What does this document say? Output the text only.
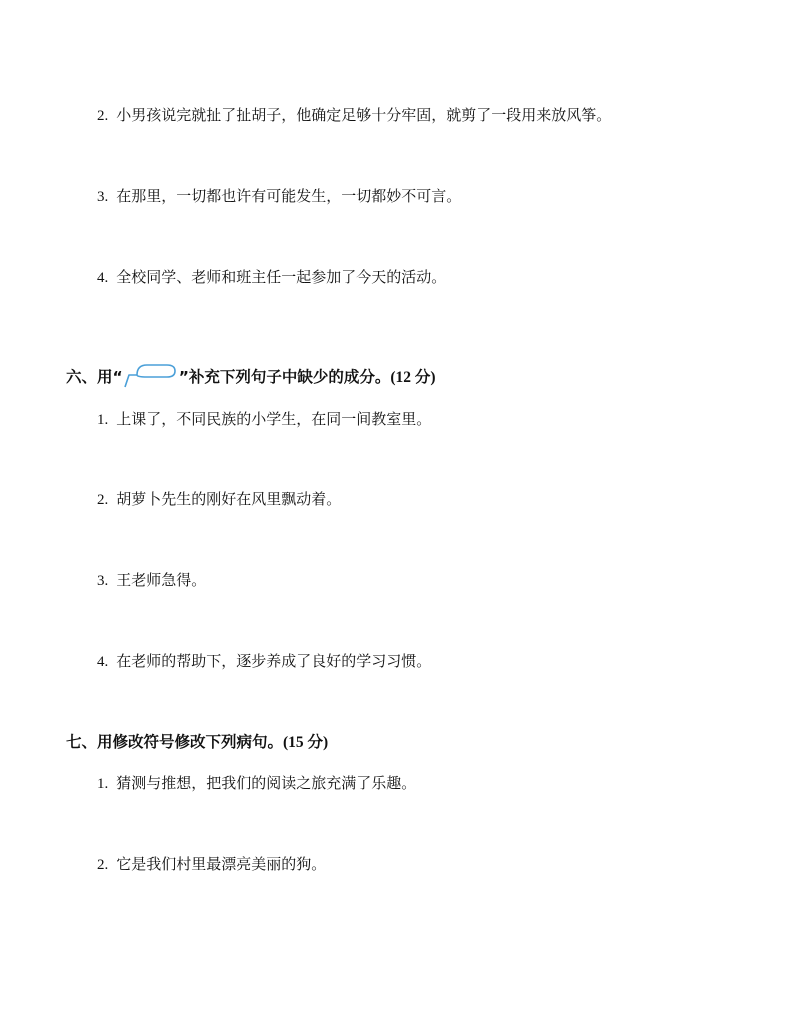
2. 小男孩说完就扯了扯胡子，他确定足够十分牢固，就剪了一段用来放风筝。
3. 在那里，一切都也许有可能发生，一切都妙不可言。
4. 全校同学、老师和班主任一起参加了今天的活动。
六、用“	”补充下列句子中缺少的成分。(12 分)
1. 上课了，不同民族的小学生，在同一间教室里。
2. 胡萝卜先生的刚好在风里飘动着。
3. 王老师急得。
4. 在老师的帮助下，逐步养成了良好的学习习惯。
七、用修改符号修改下列病句。(15 分)
1. 猜测与推想，把我们的阅读之旅充满了乐趣。
2. 它是我们村里最漂亮美丽的狗。
